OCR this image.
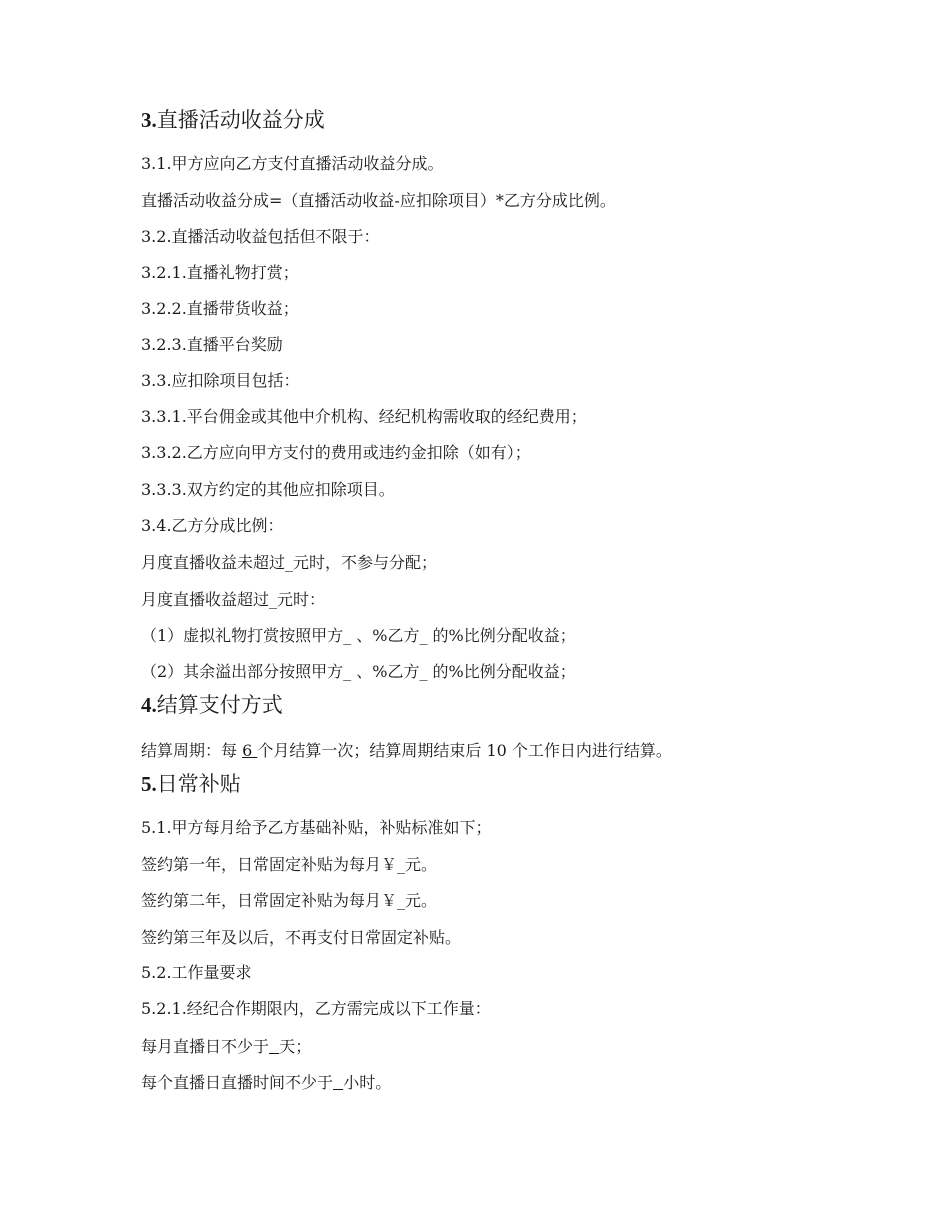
3.直播活动收益分成
3.1.甲方应向乙方支付直播活动收益分成。
直播活动收益分成=（直播活动收益-应扣除项目）*乙方分成比例。
3.2.直播活动收益包括但不限于：
3.2.1.直播礼物打赏；
3.2.2.直播带货收益；
3.2.3.直播平台奖励
3.3.应扣除项目包括：
3.3.1.平台佣金或其他中介机构、经纪机构需收取的经纪费用；
3.3.2.乙方应向甲方支付的费用或违约金扣除（如有）；
3.3.3.双方约定的其他应扣除项目。
3.4.乙方分成比例：
月度直播收益未超过_元时，不参与分配；
月度直播收益超过_元时：
（1）虚拟礼物打赏按照甲方_ 、%乙方_ 的%比例分配收益；
（2）其余溢出部分按照甲方_ 、%乙方_ 的%比例分配收益；
4.结算支付方式
结算周期：每 6 个月结算一次；结算周期结束后 10 个工作日内进行结算。
5.日常补贴
5.1.甲方每月给予乙方基础补贴，补贴标准如下；
签约第一年，日常固定补贴为每月￥_元。
签约第二年，日常固定补贴为每月￥_元。
签约第三年及以后，不再支付日常固定补贴。
5.2.工作量要求
5.2.1.经纪合作期限内，乙方需完成以下工作量：
每月直播日不少于 天；
每个直播日直播时间不少于 小时。
